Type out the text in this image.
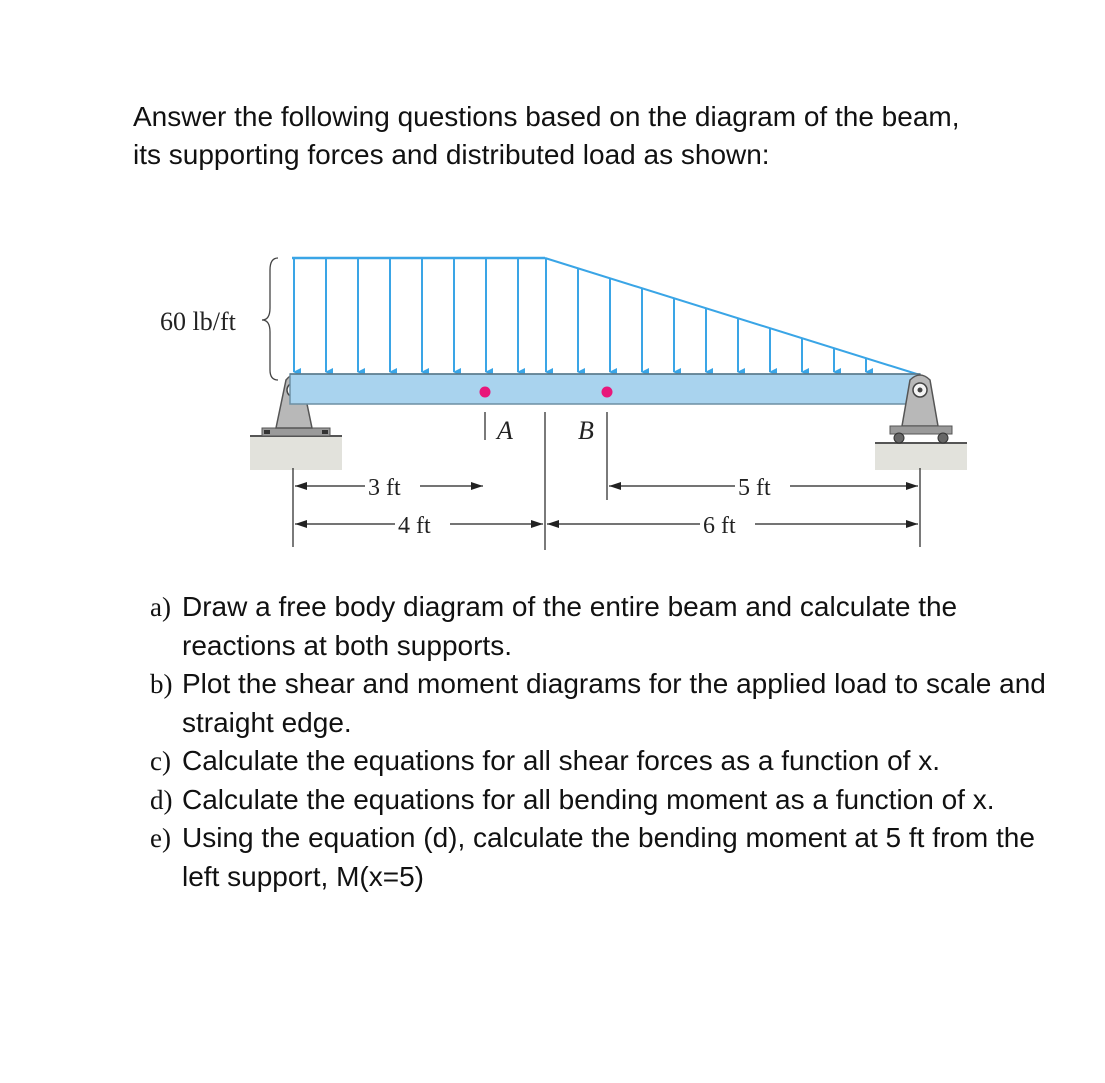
Answer the following questions based on the diagram of the beam, its supporting forces and distributed load as shown:

60 lb/ft
A	B
3 ft
4 ft
5 ft
6 ft
a) Draw a free body diagram of the entire beam and calculate the reactions at both supports.
b) Plot the shear and moment diagrams for the applied load to scale and straight edge.
c) Calculate the equations for all shear forces as a function of x.
d) Calculate the equations for all bending moment as a function of x.
e) Using the equation (d), calculate the bending moment at 5 ft from the left support, M(x=5)
